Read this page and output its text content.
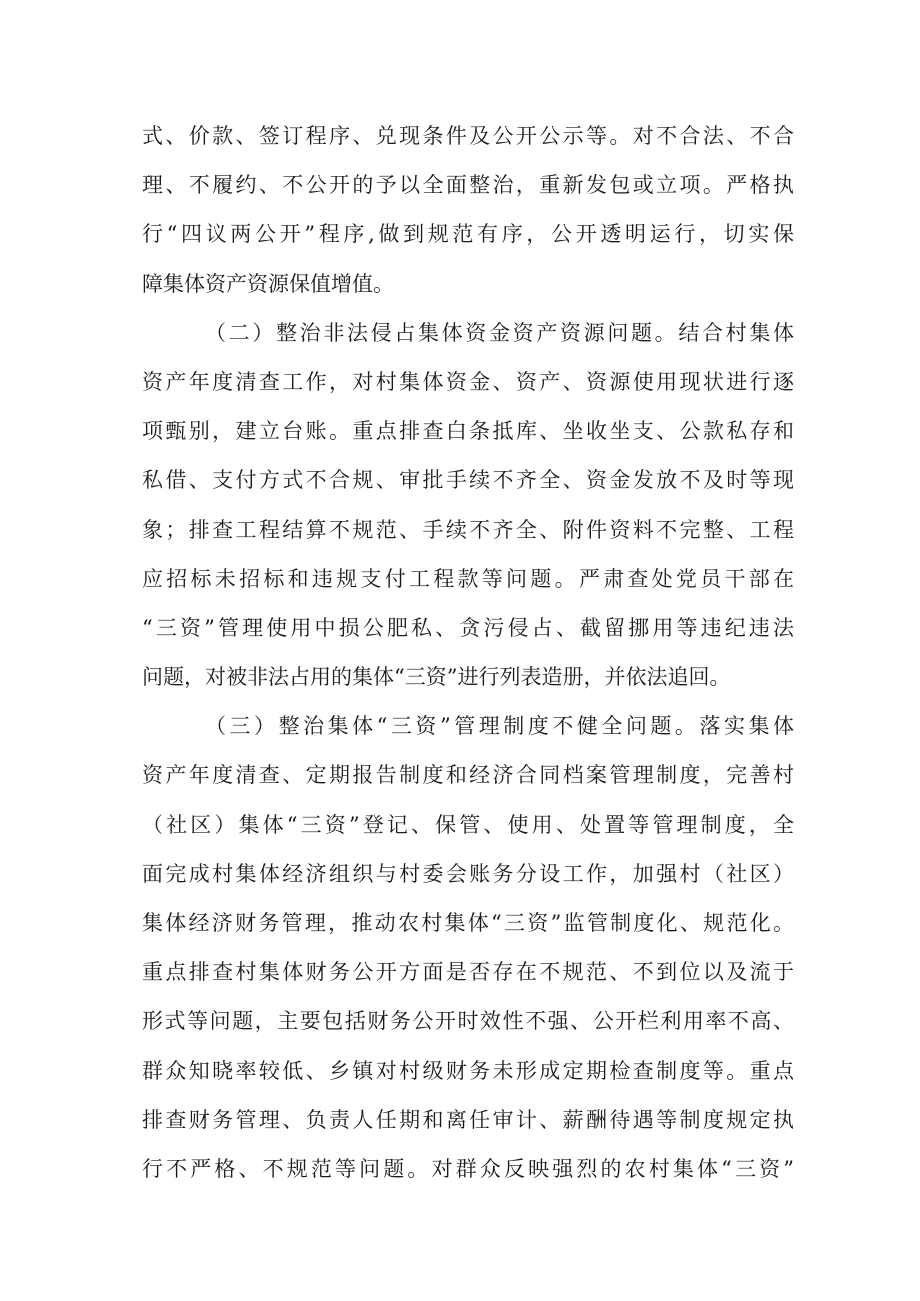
式、价款、签订程序、兑现条件及公开公示等。对不合法、不合
理、不履约、不公开的予以全面整治，重新发包或立项。严格执
行“四议两公开”程序,做到规范有序，公开透明运行，切实保
障集体资产资源保值增值。
（二）整治非法侵占集体资金资产资源问题。结合村集体
资产年度清查工作，对村集体资金、资产、资源使用现状进行逐
项甄别，建立台账。重点排查白条抵库、坐收坐支、公款私存和
私借、支付方式不合规、审批手续不齐全、资金发放不及时等现
象；排查工程结算不规范、手续不齐全、附件资料不完整、工程
应招标未招标和违规支付工程款等问题。严肃查处党员干部在
“三资”管理使用中损公肥私、贪污侵占、截留挪用等违纪违法
问题，对被非法占用的集体“三资”进行列表造册，并依法追回。
（三）整治集体“三资”管理制度不健全问题。落实集体
资产年度清查、定期报告制度和经济合同档案管理制度，完善村
（社区）集体“三资”登记、保管、使用、处置等管理制度，全
面完成村集体经济组织与村委会账务分设工作，加强村（社区）
集体经济财务管理，推动农村集体“三资”监管制度化、规范化。
重点排查村集体财务公开方面是否存在不规范、不到位以及流于
形式等问题，主要包括财务公开时效性不强、公开栏利用率不高、
群众知晓率较低、乡镇对村级财务未形成定期检查制度等。重点
排查财务管理、负责人任期和离任审计、薪酬待遇等制度规定执
行不严格、不规范等问题。对群众反映强烈的农村集体“三资”
